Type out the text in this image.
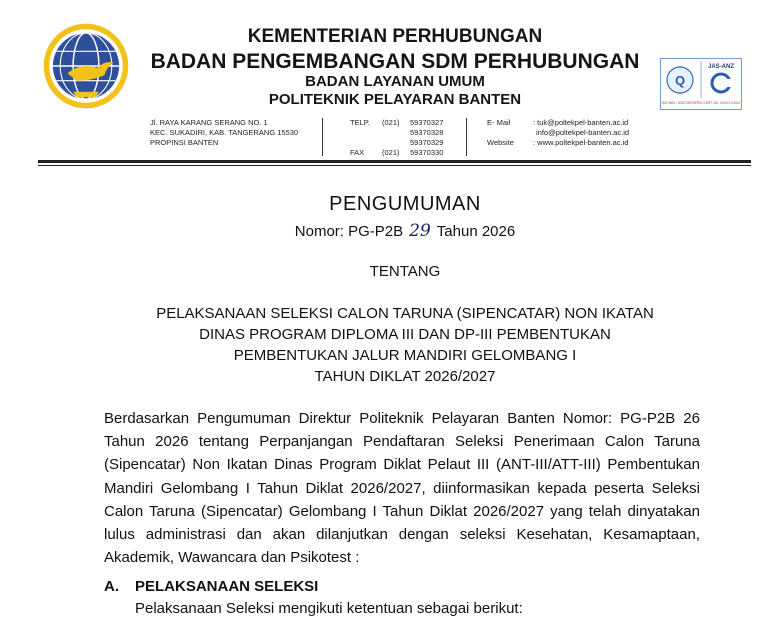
KEMENTERIAN PERHUBUNGAN
BADAN PENGEMBANGAN SDM PERHUBUNGAN
BADAN LAYANAN UMUM
POLITEKNIK PELAYARAN BANTEN
Q
JAS-ANZ
ISO 9001 : 2015 CERTIFIED CERT. NO. XXXXX-XXXX
Jl. RAYA KARANG SERANG NO. 1
KEC. SUKADIRI, KAB. TANGERANG 15530
PROPINSI BANTEN
TELP.	(021)	59370327
59370328
59370329
FAX	(021)	59370330
E- Mail	: tuk@poltekpel-banten.ac.id
info@poltekpel-banten.ac.id
Website	: www.poltekpel-banten.ac.id
PENGUMUMAN
Nomor: PG-P2B 29 Tahun 2026
TENTANG
PELAKSANAAN SELEKSI CALON TARUNA (SIPENCATAR) NON IKATAN
DINAS PROGRAM DIPLOMA III DAN DP-III PEMBENTUKAN
PEMBENTUKAN JALUR MANDIRI GELOMBANG I
TAHUN DIKLAT 2026/2027
Berdasarkan Pengumuman Direktur Politeknik Pelayaran Banten Nomor: PG-P2B 26 Tahun 2026 tentang Perpanjangan Pendaftaran Seleksi Penerimaan Calon Taruna (Sipencatar) Non Ikatan Dinas Program Diklat Pelaut III (ANT-III/ATT-III) Pembentukan Mandiri Gelombang I Tahun Diklat 2026/2027, diinformasikan kepada peserta Seleksi Calon Taruna (Sipencatar) Gelombang I Tahun Diklat 2026/2027 yang telah dinyatakan lulus administrasi dan akan dilanjutkan dengan seleksi Kesehatan, Kesamaptaan, Akademik, Wawancara dan Psikotest :
A. PELAKSANAAN SELEKSI
Pelaksanaan Seleksi mengikuti ketentuan sebagai berikut:
